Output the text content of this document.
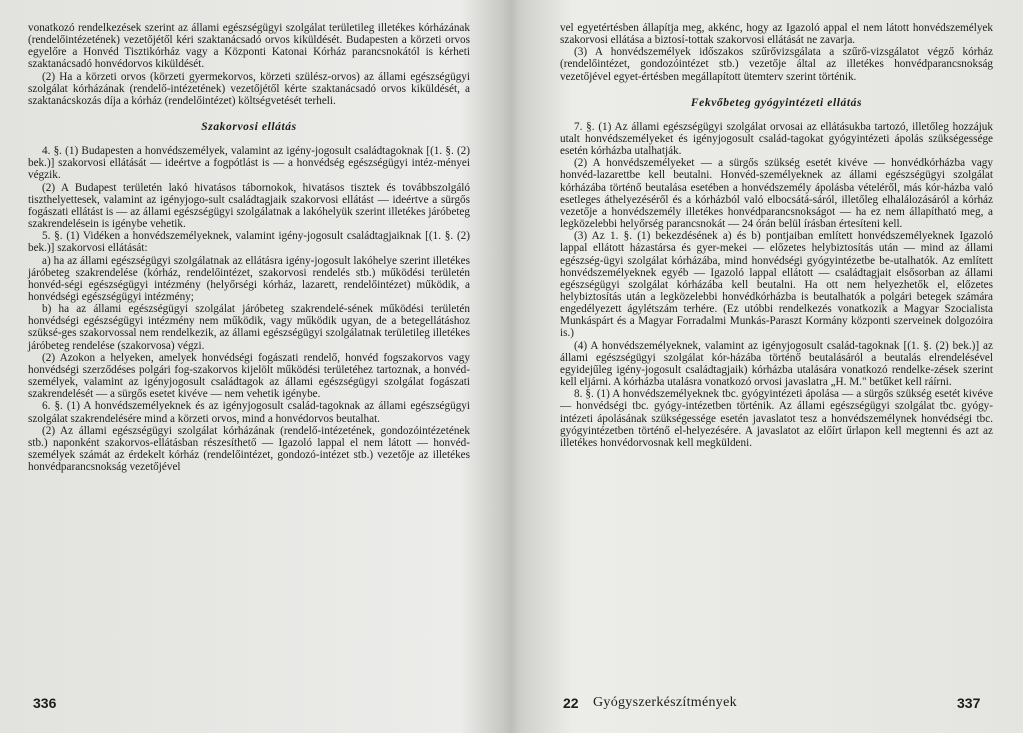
vonatkozó rendelkezések szerint az állami egészségügyi szolgálat területileg illetékes kórházának (rendelőintézetének) vezetőjétől kéri szaktanácsadó orvos kiküldését. Budapesten a körzeti orvos egyelőre a Honvéd Tisztikórház vagy a Központi Katonai Kórház parancsnokától is kérheti szaktanácsadó honvédorvos kiküldését.

(2) Ha a körzeti orvos (körzeti gyermekorvos, körzeti szülész-orvos) az állami egészségügyi szolgálat kórházának (rendelő-intézetének) vezetőjétől kérte szaktanácsadó orvos kiküldését, a szaktanácskozás díja a kórház (rendelőintézet) költségvetését terheli.

Szakorvosi ellátás

4. §. (1) Budapesten a honvédszemélyek, valamint az igény-jogosult családtagoknak [(1. §. (2) bek.)] szakorvosi ellátását — ideértve a fogpótlást is — a honvédség egészségügyi intéz-ményei végzik.

(2) A Budapest területén lakó hivatásos tábornokok, hivatásos tisztek és továbbszolgáló tiszthelyettesek, valamint az igényjogo-sult családtagjaik szakorvosi ellátást — ideértve a sürgős fogászati ellátást is — az állami egészségügyi szolgálatnak a lakóhelyük szerint illetékes járóbeteg szakrendelésein is igénybe vehetik.

5. §. (1) Vidéken a honvédszemélyeknek, valamint igény-jogosult családtagjaiknak [(1. §. (2) bek.)] szakorvosi ellátását:

a) ha az állami egészségügyi szolgálatnak az ellátásra igény-jogosult lakóhelye szerint illetékes járóbeteg szakrendelése (kórház, rendelőintézet, szakorvosi rendelés stb.) működési területén honvéd-ségi egészségügyi intézmény (helyőrségi kórház, lazarett, rendelőintézet) működik, a honvédségi egészségügyi intézmény;

b) ha az állami egészségügyi szolgálat járóbeteg szakrendelé-sének működési területén honvédségi egészségügyi intézmény nem működik, vagy működik ugyan, de a betegellátáshoz szüksé-ges szakorvossal nem rendelkezik, az állami egészségügyi szolgálatnak területileg illetékes járóbeteg rendelése (szakorvosa) végzi.

(2) Azokon a helyeken, amelyek honvédségi fogászati rendelő, honvéd fogszakorvos vagy honvédségi szerződéses polgári fog-szakorvos kijelölt működési területéhez tartoznak, a honvéd-személyek, valamint az igényjogosult családtagok az állami egészségügyi szolgálat fogászati szakrendelését — a sürgős esetet kivéve — nem vehetik igénybe.

6. §. (1) A honvédszemélyeknek és az igényjogosult család-tagoknak az állami egészségügyi szolgálat szakrendelésére mind a körzeti orvos, mind a honvédorvos beutalhat.

(2) Az állami egészségügyi szolgálat kórházának (rendelő-intézetének, gondozóintézetének stb.) naponként szakorvos-ellátásban részesíthető — Igazoló lappal el nem látott — honvéd-személyek számát az érdekelt kórház (rendelőintézet, gondozó-intézet stb.) vezetője az illetékes honvédparancsnokság vezetőjével

336

vel egyetértésben állapítja meg, akkénc, hogy az Igazoló appal el nem látott honvédszemélyek szakorvosi ellátása a biztosí-tottak szakorvosi ellátását ne zavarja.

(3) A honvédszemélyek időszakos szűrővizsgálata a szűrő-vizsgálatot végző kórház (rendelőintézet, gondozóintézet stb.) vezetője által az illetékes honvédparancsnokság vezetőjével egyet-értésben megállapított ütemterv szerint történik.

Fekvőbeteg gyógyintézeti ellátás

7. §. (1) Az állami egészségügyi szolgálat orvosai az ellátásukba tartozó, illetőleg hozzájuk utalt honvédszemélyeket és igényjogosult család-tagokat gyógyintézeti ápolás szükségessége esetén kórházba utalhatják.

(2) A honvédszemélyeket — a sürgős szükség esetét kivéve — honvédkórházba vagy honvéd-lazarettbe kell beutalni. Honvéd-személyeknek az állami egészségügyi szolgálat kórházába történő beutalása esetében a honvédszemély ápolásba vételéről, más kór-házba való esetleges áthelyezéséről és a kórházból való elbocsátá-sáról, illetőleg elhalálozásáról a kórház vezetője a honvédszemély illetékes honvédparancsnokságot — ha ez nem állapítható meg, a legközelebbi helyőrség parancsnokát — 24 órán belül írásban értesíteni kell.

(3) Az 1. §. (1) bekezdésének a) és b) pontjaiban említett honvédszemélyeknek Igazoló lappal ellátott házastársa és gyer-mekei — előzetes helybiztosítás után — mind az állami egészség-ügyi szolgálat kórházába, mind honvédségi gyógyintézetbe be-utalhatók. Az említett honvédszemélyeknek egyéb — Igazoló lappal ellátott — családtagjait elsősorban az állami egészségügyi szolgálat kórházába kell beutalni. Ha ott nem helyezhetők el, előzetes helybiztosítás után a legközelebbi honvédkórházba is beutalhatók a polgári betegek számára engedélyezett ágylétszám terhére. (Ez utóbbi rendelkezés vonatkozik a Magyar Szocialista Munkáspárt és a Magyar Forradalmi Munkás-Paraszt Kormány központi szerveinek dolgozóira is.)

(4) A honvédszemélyeknek, valamint az igényjogosult család-tagoknak [(1. §. (2) bek.)] az állami egészségügyi szolgálat kór-házába történő beutalásáról a beutalás elrendelésével egyidejűleg igény-jogosult családtagjaik) kórházba utalására vonatkozó rendelke-zések szerint kell eljárni. A kórházba utalásra vonatkozó orvosi javaslatra „H. M." betűket kell ráírni.

8. §. (1) A honvédszemélyeknek tbc. gyógyintézeti ápolása — a sürgős szükség esetét kivéve — honvédségi tbc. gyógy-intézetben történik. Az állami egészségügyi szolgálat tbc. gyógy-intézeti ápolásának szükségessége esetén javaslatot tesz a honvédszemélynek honvédségi tbc. gyógyintézetben történő el-helyezésére. A javaslatot az előírt űrlapon kell megtenni és azt az illetékes honvédorvosnak kell megküldeni.

22 Gyógyszerkészítmények	337
